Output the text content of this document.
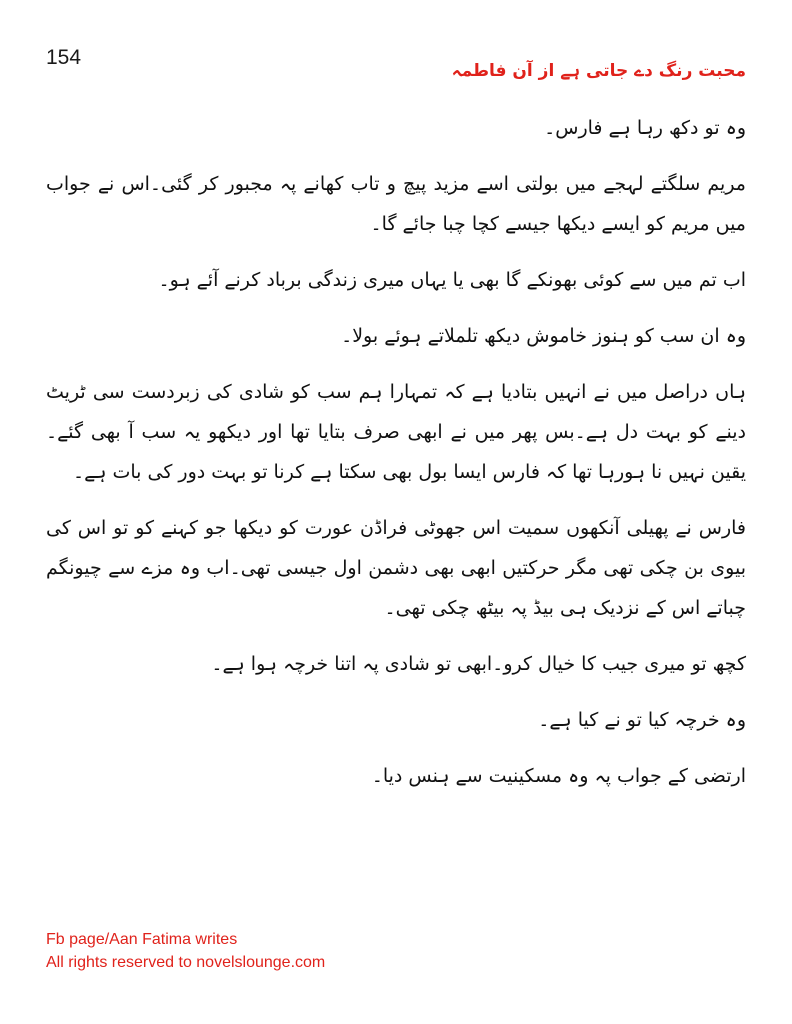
154
محبت رنگ دے جاتی ہے از آن فاطمہ

وہ تو دکھ رہا ہے فارس۔

مریم سلگتے لہجے میں بولتی اسے مزید پیچ و تاب کھانے پہ مجبور کر گئی۔اس نے جواب میں مریم کو ایسے دیکھا جیسے کچا چبا جائے گا۔

اب تم میں سے کوئی بھونکے گا بھی یا یہاں میری زندگی برباد کرنے آئے ہو۔

وہ ان سب کو ہنوز خاموش دیکھ تلملاتے ہوئے بولا۔

ہاں دراصل میں نے انہیں بتادیا ہے کہ تمہارا ہم سب کو شادی کی زبردست سی ٹریٹ دینے کو بہت دل ہے۔بس پھر میں نے ابھی صرف بتایا تھا اور دیکھو یہ سب آ بھی گئے۔یقین نہیں نا ہورہا تھا کہ فارس ایسا بول بھی سکتا ہے کرنا تو بہت دور کی بات ہے۔

فارس نے پھیلی آنکھوں سمیت اس جھوٹی فراڈن عورت کو دیکھا جو کہنے کو تو اس کی بیوی بن چکی تھی مگر حرکتیں ابھی بھی دشمن اول جیسی تھی۔اب وہ مزے سے چیونگم چباتے اس کے نزدیک ہی بیڈ پہ بیٹھ چکی تھی۔

کچھ تو میری جیب کا خیال کرو۔ابھی تو شادی پہ اتنا خرچہ ہوا ہے۔

وہ خرچہ کیا تو نے کیا ہے۔

ارتضی کے جواب پہ وہ مسکینیت سے ہنس دیا۔

Fb page/Aan Fatima writes
All rights reserved to novelslounge.com
